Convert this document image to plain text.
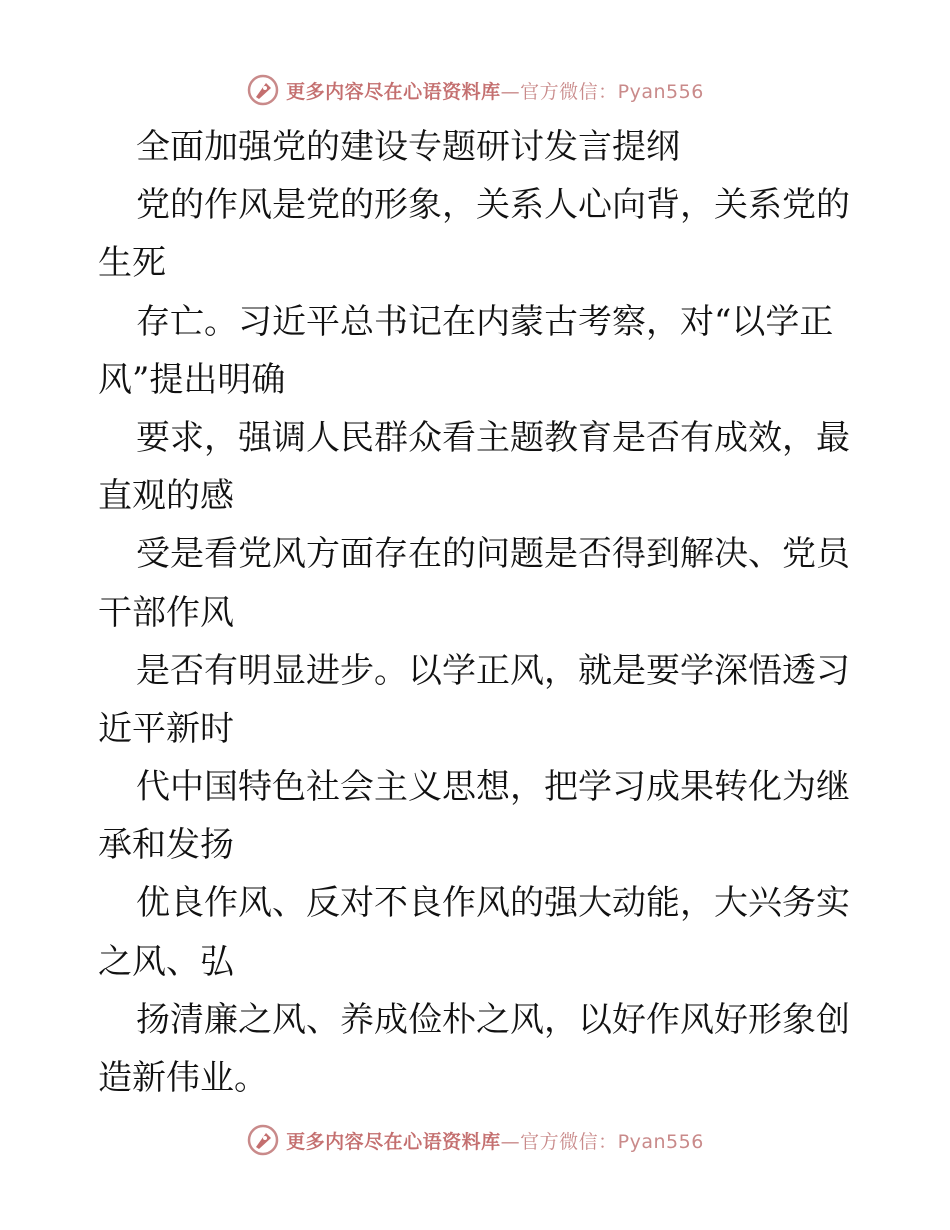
更多内容尽在心语资料库—官方微信：Pyan556
全面加强党的建设专题研讨发言提纲
党的作风是党的形象，关系人心向背，关系党的
生死
存亡。习近平总书记在内蒙古考察，对“以学正
风”提出明确
要求，强调人民群众看主题教育是否有成效，最
直观的感
受是看党风方面存在的问题是否得到解决、党员
干部作风
是否有明显进步。以学正风，就是要学深悟透习
近平新时
代中国特色社会主义思想，把学习成果转化为继
承和发扬
优良作风、反对不良作风的强大动能，大兴务实
之风、弘
扬清廉之风、养成俭朴之风，以好作风好形象创
造新伟业。
更多内容尽在心语资料库—官方微信：Pyan556
